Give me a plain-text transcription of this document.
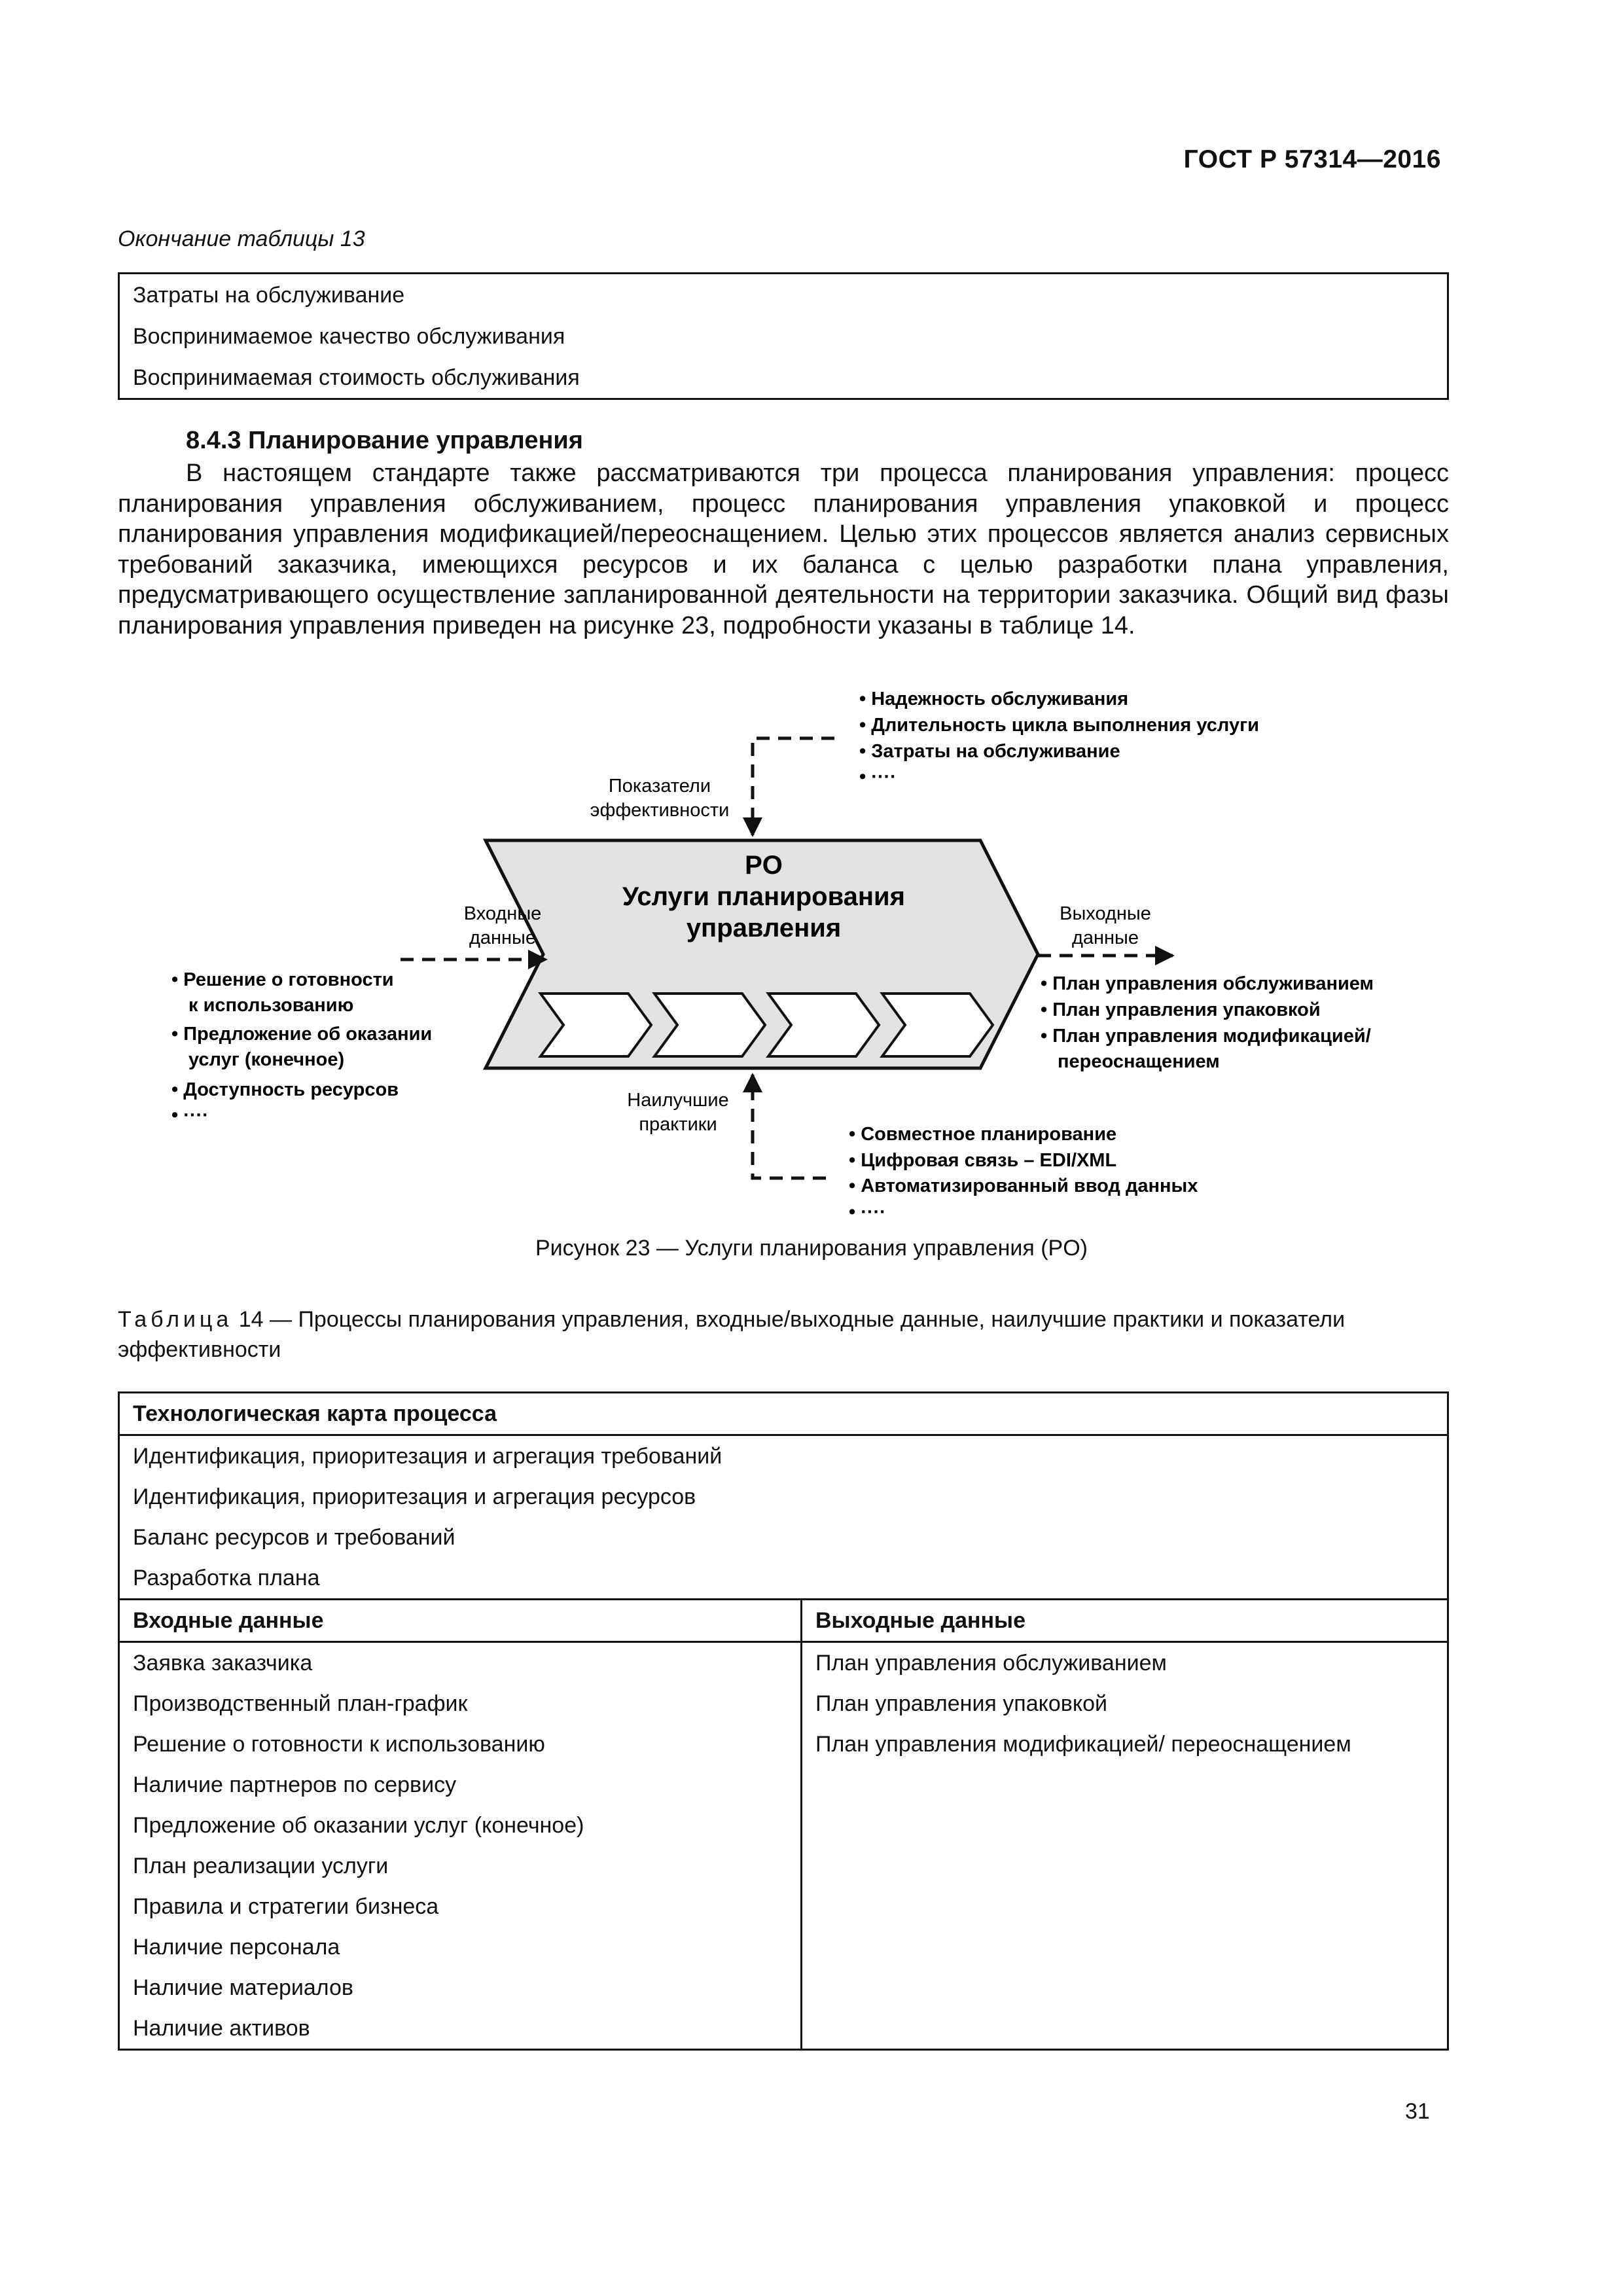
ГОСТ Р 57314—2016
Окончание таблицы 13
Затраты на обслуживание
Воспринимаемое качество обслуживания
Воспринимаемая стоимость обслуживания
8.4.3 Планирование управления
В настоящем стандарте также рассматриваются три процесса планирования управления: процесс планирования управления обслуживанием, процесс планирования управления упаковкой и процесс планирования управления модификацией/переоснащением. Целью этих процессов является анализ сервисных требований заказчика, имеющихся ресурсов и их баланса с целью разработки плана управления, предусматривающего осуществление запланированной деятельности на территории заказчика. Общий вид фазы планирования управления приведен на рисунке 23, подробности указаны в таблице 14.
PO
Услуги планирования
управления
Показатели
эффективности
• Надежность обслуживания
• Длительность цикла выполнения услуги
• Затраты на обслуживание
• ····
Входные
данные
• Решение о готовности
к использованию
• Предложение об оказании
услуг (конечное)
• Доступность ресурсов
• ····
Выходные
данные
• План управления обслуживанием
• План управления упаковкой
• План управления модификацией/
переоснащением
Наилучшие
практики	• Совместное планирование
• Цифровая связь – EDI/XML
• Автоматизированный ввод данных
• ····
Рисунок 23 — Услуги планирования управления (PO)
Таблица 14 — Процессы планирования управления, входные/выходные данные, наилучшие практики и показатели эффективности
Технологическая карта процесса	
Идентификация, приоритезация и агрегация требований	
Идентификация, приоритезация и агрегация ресурсов	
Баланс ресурсов и требований	
Разработка плана	
Входные данные	Выходные данные
Заявка заказчика	План управления обслуживанием
Производственный план-график	План управления упаковкой
Решение о готовности к использованию	План управления модификацией/ переоснащением
Наличие партнеров по сервису	
Предложение об оказании услуг (конечное)	
План реализации услуги	
Правила и стратегии бизнеса	
Наличие персонала	
Наличие материалов	
Наличие активов	
31
